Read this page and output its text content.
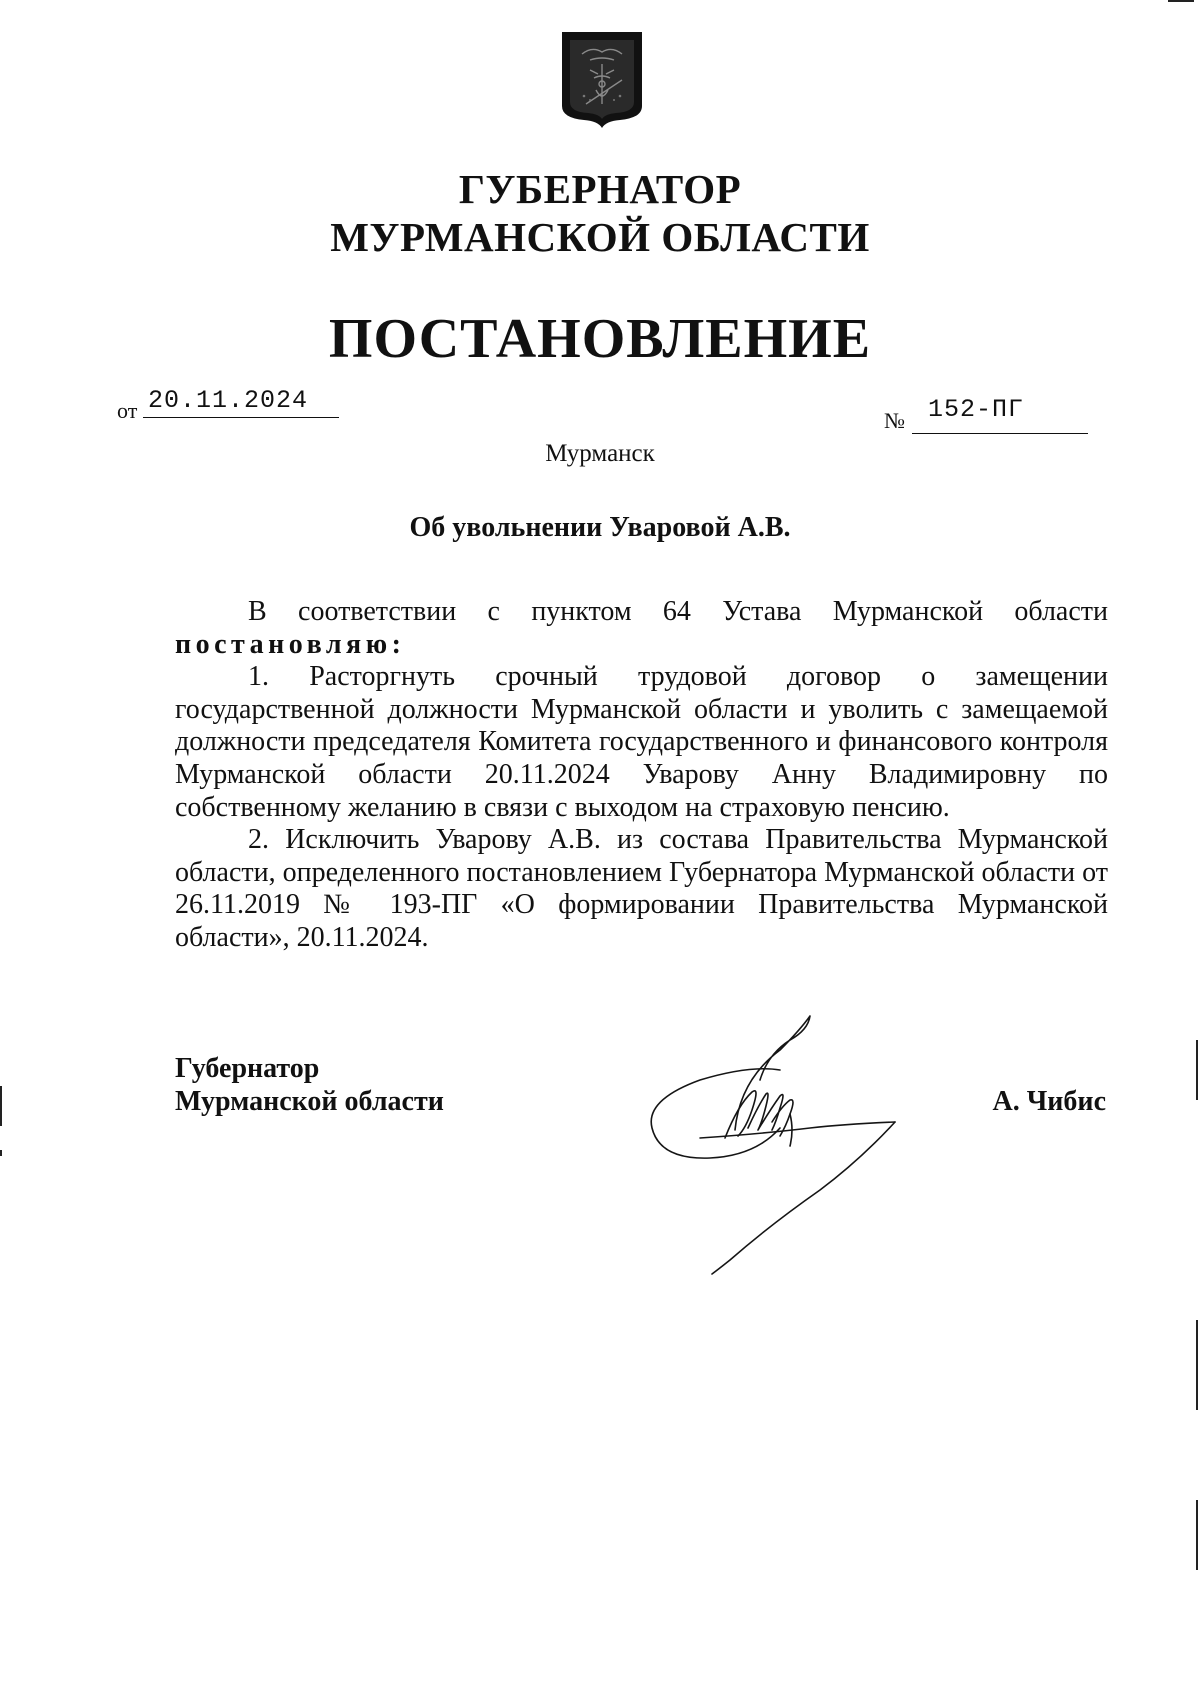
ГУБЕРНАТОР
МУРМАНСКОЙ ОБЛАСТИ
ПОСТАНОВЛЕНИЕ
от 20.11.2024
№ 152-ПГ
Мурманск
Об увольнении Уваровой А.В.

В соответствии с пунктом 64 Устава Мурманской области постановляю:

1. Расторгнуть срочный трудовой договор о замещении государственной должности Мурманской области и уволить с замещаемой должности председателя Комитета государственного и финансового контроля Мурманской области 20.11.2024 Уварову Анну Владимировну по собственному желанию в связи с выходом на страховую пенсию.

2. Исключить Уварову А.В. из состава Правительства Мурманской области, определенного постановлением Губернатора Мурманской области от 26.11.2019 № 193-ПГ «О формировании Правительства Мурманской области», 20.11.2024.

Губернатор
Мурманской области	А. Чибис
